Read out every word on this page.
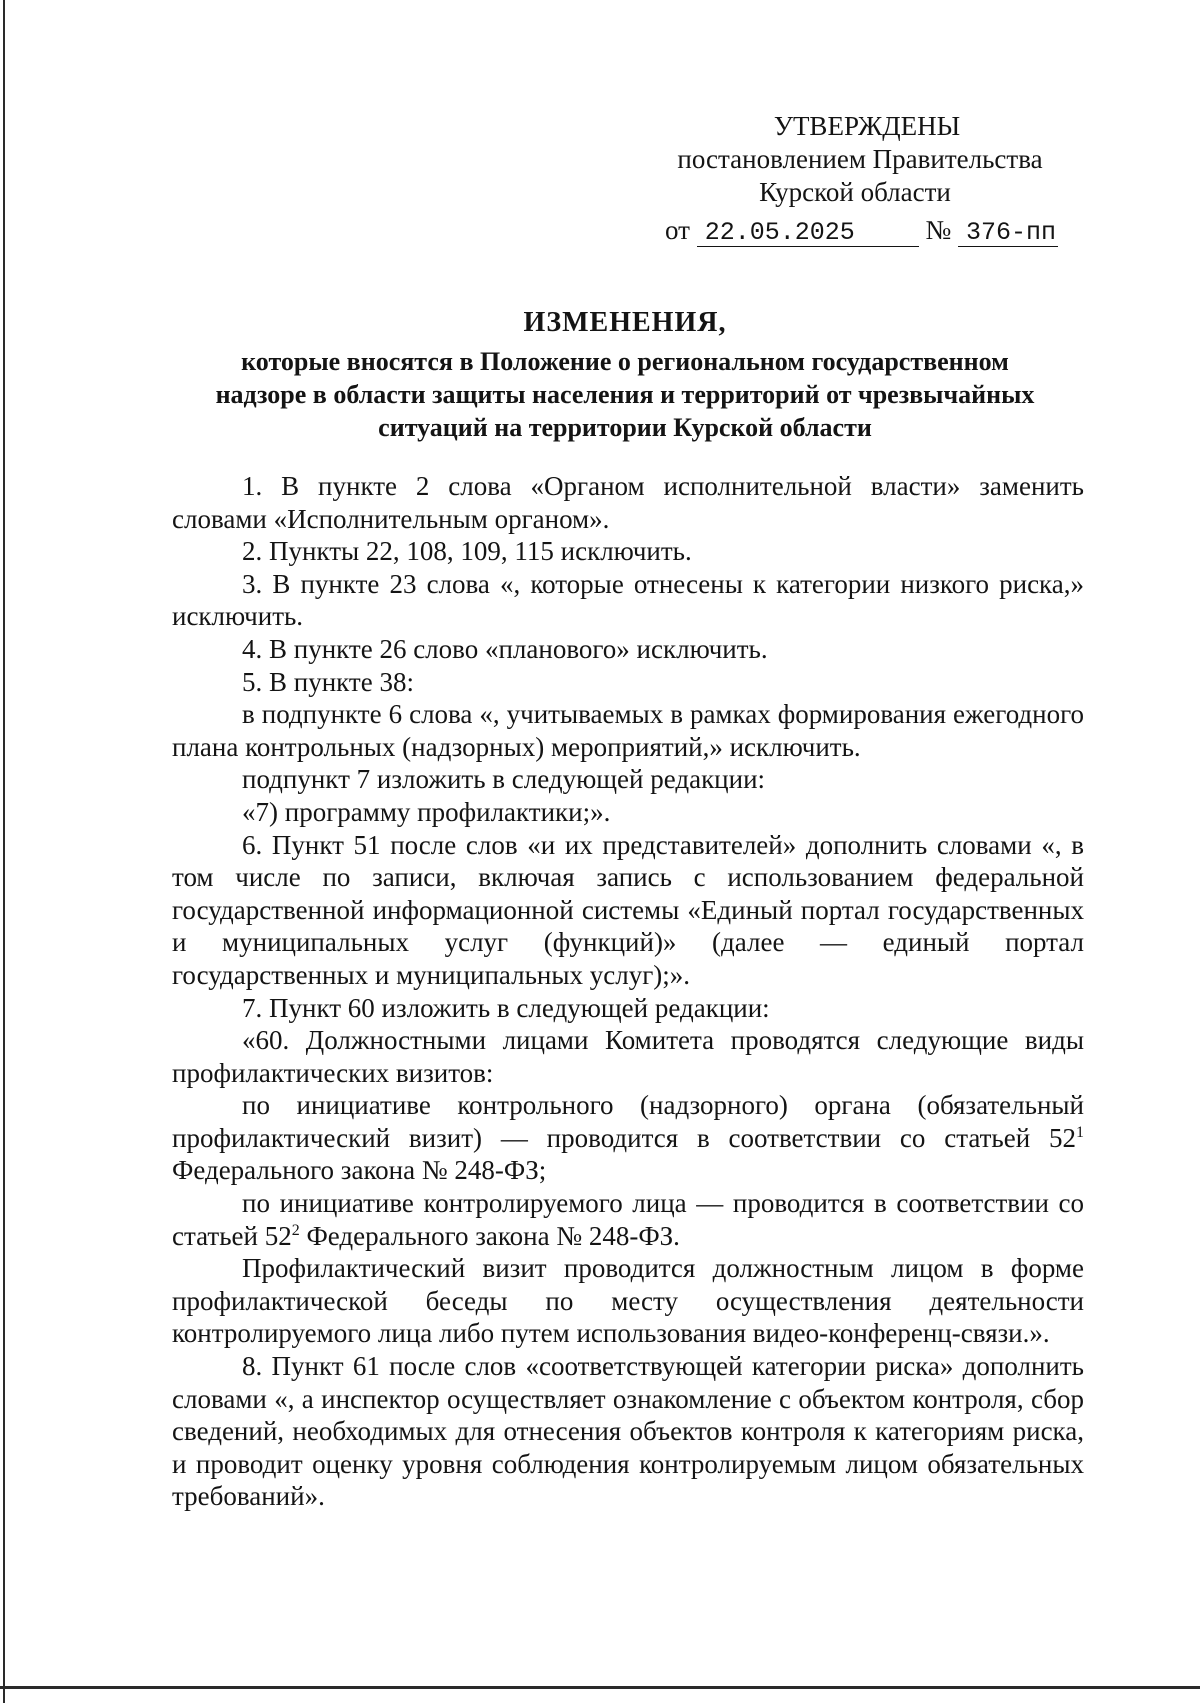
УТВЕРЖДЕНЫ
постановлением Правительства
Курской области
от 22.05.2025	№ 376-пп
ИЗМЕНЕНИЯ,
которые вносятся в Положение о региональном государственном
надзоре в области защиты населения и территорий от чрезвычайных
ситуаций на территории Курской области

1. В пункте 2 слова «Органом исполнительной власти» заменить словами «Исполнительным органом».

2. Пункты 22, 108, 109, 115 исключить.

3. В пункте 23 слова «, которые отнесены к категории низкого риска,» исключить.

4. В пункте 26 слово «планового» исключить.

5. В пункте 38:

в подпункте 6 слова «, учитываемых в рамках формирования ежегодного плана контрольных (надзорных) мероприятий,» исключить.

подпункт 7 изложить в следующей редакции:

«7) программу профилактики;».

6. Пункт 51 после слов «и их представителей» дополнить словами «, в том числе по записи, включая запись с использованием федеральной государственной информационной системы «Единый портал государственных и муниципальных услуг (функций)» (далее — единый портал государственных и муниципальных услуг);».

7. Пункт 60 изложить в следующей редакции:

«60. Должностными лицами Комитета проводятся следующие виды профилактических визитов:

по инициативе контрольного (надзорного) органа (обязательный профилактический визит) — проводится в соответствии со статьей $52^1$ Федерального закона № 248-ФЗ;

по инициативе контролируемого лица — проводится в соответствии со статьей $52^2$ Федерального закона № 248-ФЗ.

Профилактический визит проводится должностным лицом в форме профилактической беседы по месту осуществления деятельности контролируемого лица либо путем использования видео-конференц-связи.».

8. Пункт 61 после слов «соответствующей категории риска» дополнить словами «, а инспектор осуществляет ознакомление с объектом контроля, сбор сведений, необходимых для отнесения объектов контроля к категориям риска, и проводит оценку уровня соблюдения контролируемым лицом обязательных требований».
